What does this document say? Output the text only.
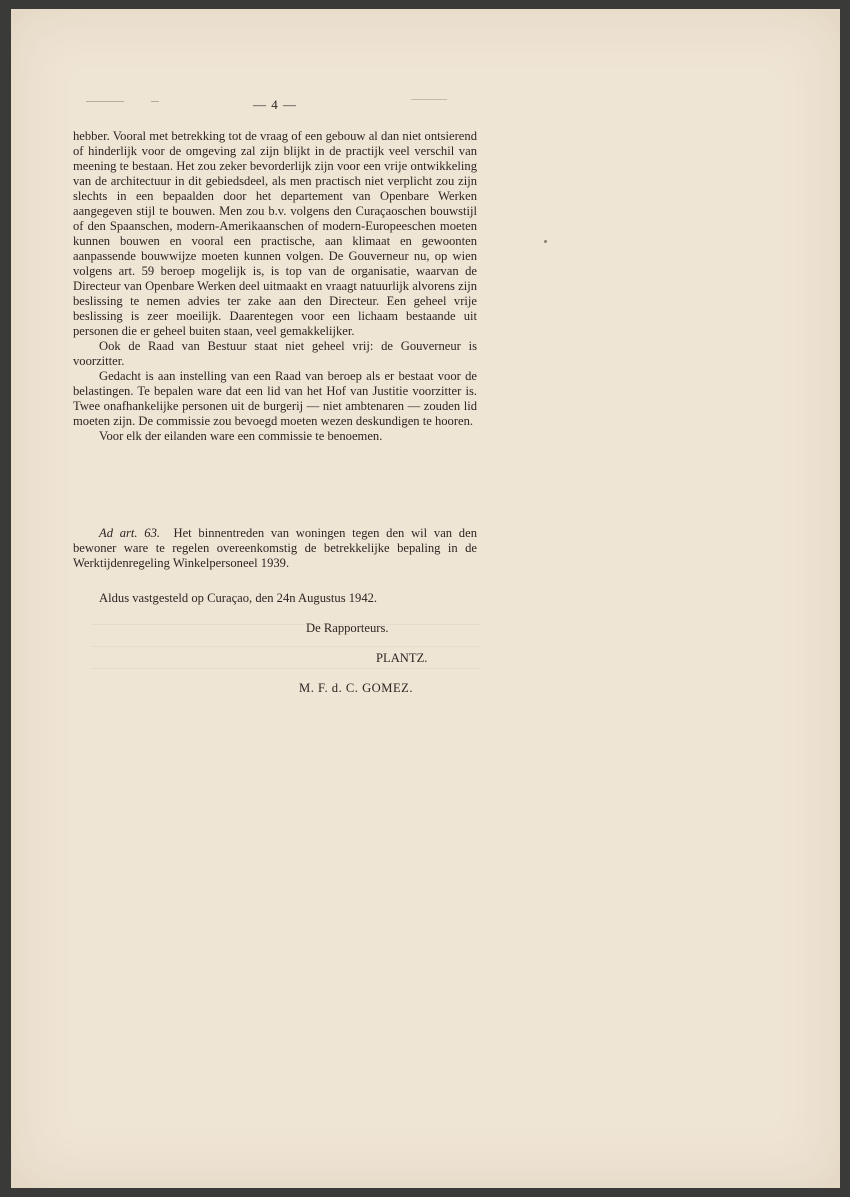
— 4 —

hebber. Vooral met betrekking tot de vraag of een gebouw al dan niet ontsierend of hinderlijk voor de omgeving zal zijn blijkt in de practijk veel verschil van meening te bestaan. Het zou zeker bevorderlijk zijn voor een vrije ontwikkeling van de architectuur in dit gebiedsdeel, als men practisch niet verplicht zou zijn slechts in een bepaalden door het departement van Openbare Werken aangegeven stijl te bouwen. Men zou b.v. volgens den Curaçaoschen bouwstijl of den Spaanschen, modern-Amerikaanschen of modern-Europeeschen moeten kunnen bouwen en vooral een practische, aan klimaat en gewoonten aanpassende bouwwijze moeten kunnen volgen. De Gouverneur nu, op wien volgens art. 59 beroep mogelijk is, is top van de organisatie, waarvan de Directeur van Openbare Werken deel uitmaakt en vraagt natuurlijk alvorens zijn beslissing te nemen advies ter zake aan den Directeur. Een geheel vrije beslissing is zeer moeilijk. Daarentegen voor een lichaam bestaande uit personen die er geheel buiten staan, veel gemakkelijker.

Ook de Raad van Bestuur staat niet geheel vrij: de Gouverneur is voorzitter.

Gedacht is aan instelling van een Raad van beroep als er bestaat voor de belastingen. Te bepalen ware dat een lid van het Hof van Justitie voorzitter is. Twee onafhankelijke personen uit de burgerij — niet ambtenaren — zouden lid moeten zijn. De commissie zou bevoegd moeten wezen deskundigen te hooren.

Voor elk der eilanden ware een commissie te benoemen.

Ad art. 63. Het binnentreden van woningen tegen den wil van den bewoner ware te regelen overeenkomstig de betrekkelijke bepaling in de Werktijdenregeling Winkelpersoneel 1939.

Aldus vastgesteld op Curaçao, den 24n Augustus 1942.
De Rapporteurs.
PLANTZ.
M. F. d. C. GOMEZ.
